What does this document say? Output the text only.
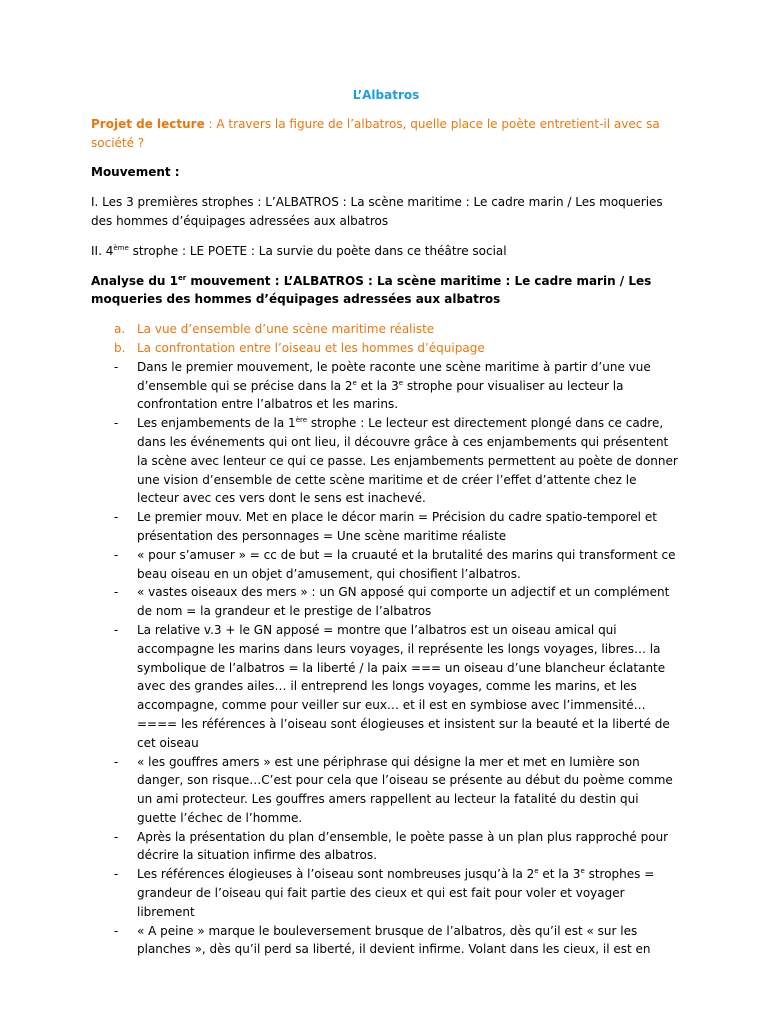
L’Albatros

Projet de lecture : A travers la figure de l’albatros, quelle place le poète entretient-il avec sa société ?

Mouvement :

I. Les 3 premières strophes : L’ALBATROS : La scène maritime : Le cadre marin / Les moqueries des hommes d’équipages adressées aux albatros

II. 4ème strophe : LE POETE : La survie du poète dans ce théâtre social

Analyse du 1er mouvement : L’ALBATROS : La scène maritime : Le cadre marin / Les moqueries des hommes d’équipages adressées aux albatros

a. La vue d’ensemble d’une scène maritime réaliste
b. La confrontation entre l’oiseau et les hommes d’équipage
- Dans le premier mouvement, le poète raconte une scène maritime à partir d’une vue d’ensemble qui se précise dans la 2e et la 3e strophe pour visualiser au lecteur la confrontation entre l’albatros et les marins.
- Les enjambements de la 1ère strophe : Le lecteur est directement plongé dans ce cadre, dans les événements qui ont lieu, il découvre grâce à ces enjambements qui présentent la scène avec lenteur ce qui ce passe. Les enjambements permettent au poète de donner une vision d’ensemble de cette scène maritime et de créer l’effet d’attente chez le lecteur avec ces vers dont le sens est inachevé.
- Le premier mouv. Met en place le décor marin = Précision du cadre spatio-temporel et présentation des personnages = Une scène maritime réaliste
- « pour s’amuser » = cc de but = la cruauté et la brutalité des marins qui transforment ce beau oiseau en un objet d’amusement, qui chosifient l’albatros.
- « vastes oiseaux des mers » : un GN apposé qui comporte un adjectif et un complément de nom = la grandeur et le prestige de l’albatros
- La relative v.3 + le GN apposé = montre que l’albatros est un oiseau amical qui accompagne les marins dans leurs voyages, il représente les longs voyages, libres… la symbolique de l’albatros = la liberté / la paix === un oiseau d’une blancheur éclatante avec des grandes ailes… il entreprend les longs voyages, comme les marins, et les accompagne, comme pour veiller sur eux… et il est en symbiose avec l’immensité…
==== les références à l’oiseau sont élogieuses et insistent sur la beauté et la liberté de cet oiseau
- « les gouffres amers » est une périphrase qui désigne la mer et met en lumière son danger, son risque…C’est pour cela que l’oiseau se présente au début du poème comme un ami protecteur. Les gouffres amers rappellent au lecteur la fatalité du destin qui guette l’échec de l’homme.
- Après la présentation du plan d’ensemble, le poète passe à un plan plus rapproché pour décrire la situation infirme des albatros.
- Les références élogieuses à l’oiseau sont nombreuses jusqu’à la 2e et la 3e strophes = grandeur de l’oiseau qui fait partie des cieux et qui est fait pour voler et voyager librement
- « A peine » marque le bouleversement brusque de l’albatros, dès qu’il est « sur les planches », dès qu’il perd sa liberté, il devient infirme. Volant dans les cieux, il est en
